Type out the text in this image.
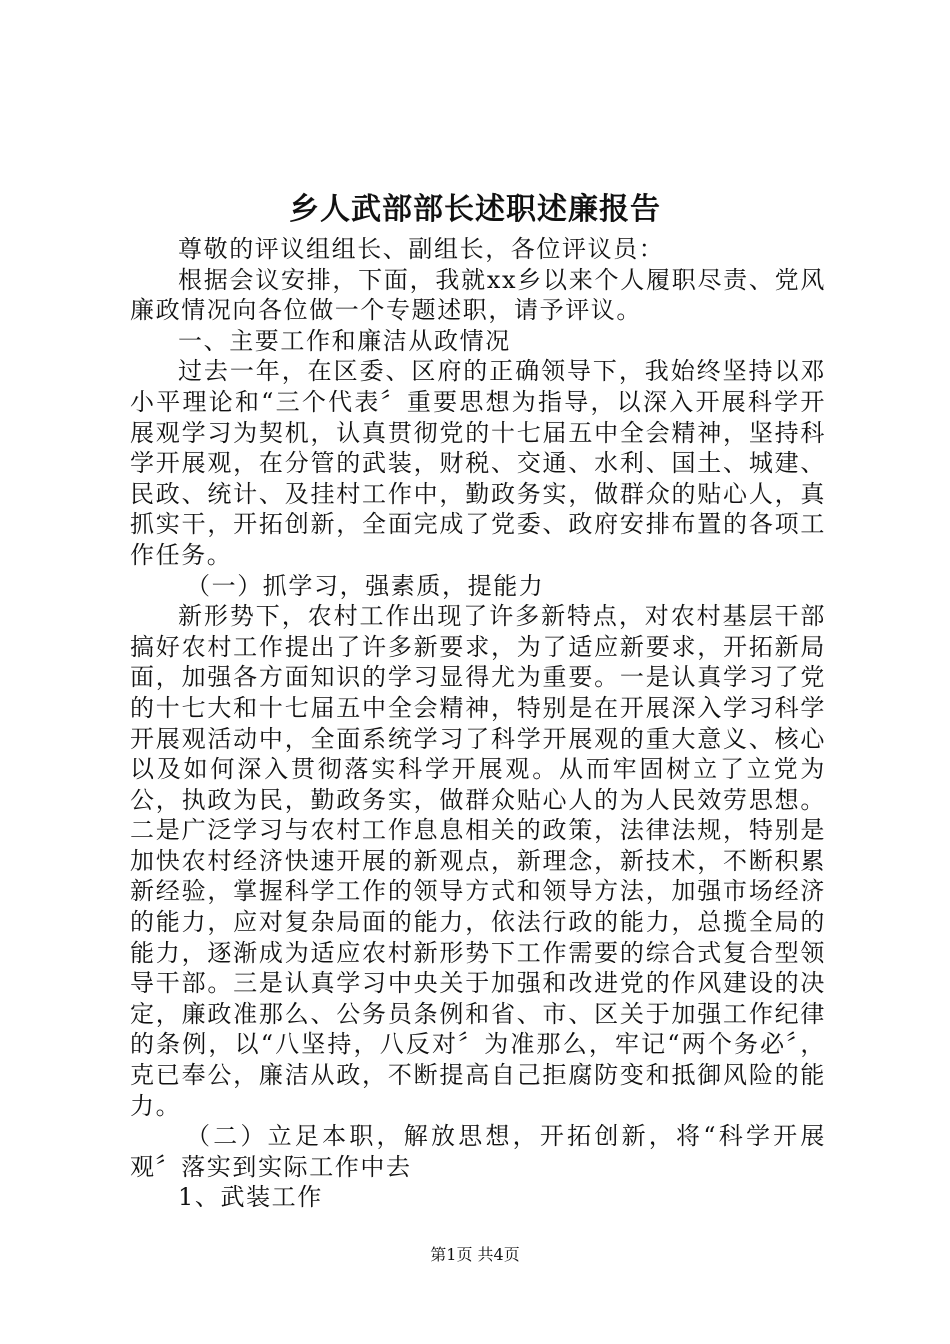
乡人武部部长述职述廉报告

尊敬的评议组组长、副组长，各位评议员：

根据会议安排，下面，我就xx乡以来个人履职尽责、党风廉政情况向各位做一个专题述职，请予评议。

一、主要工作和廉洁从政情况

过去一年，在区委、区府的正确领导下，我始终坚持以邓小平理论和“三个代表〞重要思想为指导，以深入开展科学开展观学习为契机，认真贯彻党的十七届五中全会精神，坚持科学开展观，在分管的武装，财税、交通、水利、国土、城建、民政、统计、及挂村工作中，勤政务实，做群众的贴心人，真抓实干，开拓创新，全面完成了党委、政府安排布置的各项工作任务。

（一）抓学习，强素质，提能力

新形势下，农村工作出现了许多新特点，对农村基层干部搞好农村工作提出了许多新要求，为了适应新要求，开拓新局面，加强各方面知识的学习显得尤为重要。一是认真学习了党的十七大和十七届五中全会精神，特别是在开展深入学习科学开展观活动中，全面系统学习了科学开展观的重大意义、核心以及如何深入贯彻落实科学开展观。从而牢固树立了立党为公，执政为民，勤政务实，做群众贴心人的为人民效劳思想。二是广泛学习与农村工作息息相关的政策，法律法规，特别是加快农村经济快速开展的新观点，新理念，新技术，不断积累新经验，掌握科学工作的领导方式和领导方法，加强市场经济的能力，应对复杂局面的能力，依法行政的能力，总揽全局的能力，逐渐成为适应农村新形势下工作需要的综合式复合型领导干部。三是认真学习中央关于加强和改进党的作风建设的决定，廉政准那么、公务员条例和省、市、区关于加强工作纪律的条例，以“八坚持，八反对〞为准那么，牢记“两个务必〞，克已奉公，廉洁从政，不断提高自己拒腐防变和抵御风险的能力。

（二）立足本职，解放思想，开拓创新，将“科学开展观〞落实到实际工作中去

1、武装工作

第1页 共4页
